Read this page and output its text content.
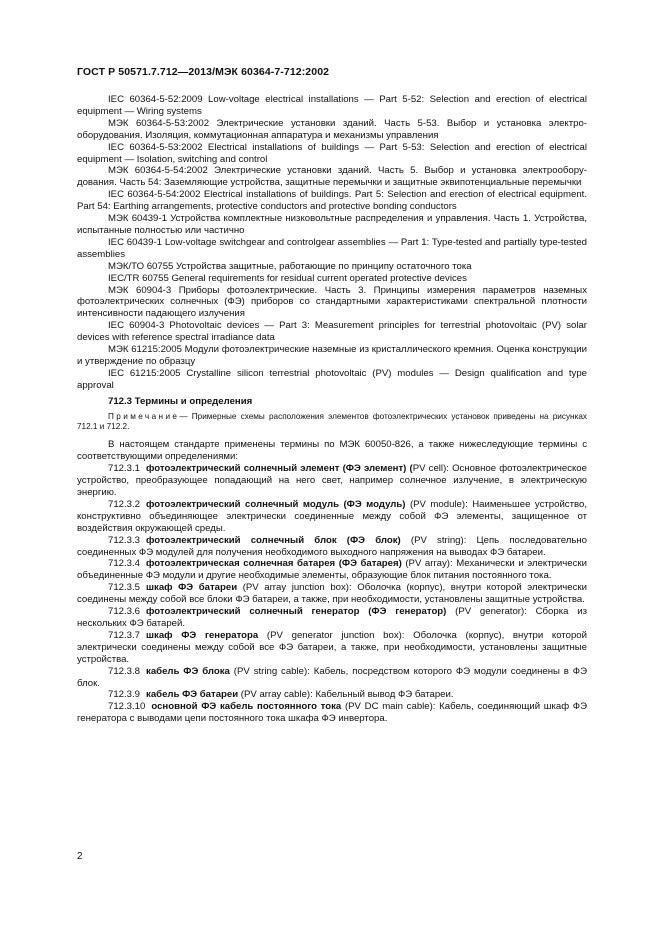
ГОСТ Р 50571.7.712—2013/МЭК 60364-7-712:2002

IEC 60364-5-52:2009 Low-voltage electrical installations — Part 5-52: Selection and erection of electrical equipment — Wiring systems

МЭК 60364-5-53:2002 Электрические установки зданий. Часть 5-53. Выбор и установка электрооборудования. Изоляция, коммутационная аппаратура и механизмы управления

IEC 60364-5-53:2002 Electrical installations of buildings — Part 5-53: Selection and erection of electrical equipment — Isolation, switching and control

МЭК 60364-5-54:2002 Электрические установки зданий. Часть 5. Выбор и установка электрооборудования. Часть 54: Заземляющие устройства, защитные перемычки и защитные эквипотенциальные перемычки

IEC 60364-5-54:2002 Electrical installations of buildings. Part 5: Selection and erection of electrical equipment. Part 54: Earthing arrangements, protective conductors and protective bonding conductors

МЭК 60439-1 Устройства комплектные низковольтные распределения и управления. Часть 1. Устройства, испытанные полностью или частично

IEC 60439-1 Low-voltage switchgear and controlgear assemblies — Part 1: Type-tested and partially type-tested assemblies

МЭК/ТО 60755 Устройства защитные, работающие по принципу остаточного тока

IEC/TR 60755 General requirements for residual current operated protective devices

МЭК 60904-3 Приборы фотоэлектрические. Часть 3. Принципы измерения параметров наземных фотоэлектрических солнечных (ФЭ) приборов со стандартными характеристиками спектральной плотности интенсивности падающего излучения

IEC 60904-3 Photovoltaic devices — Part 3: Measurement principles for terrestrial photovoltaic (PV) solar devices with reference spectral irradiance data

МЭК 61215:2005 Модули фотоэлектрические наземные из кристаллического кремния. Оценка конструкции и утверждение по образцу

IEC 61215:2005 Crystalline silicon terrestrial photovoltaic (PV) modules — Design qualification and type approval

712.3 Термины и определения

Примечание— Примерные схемы расположения элементов фотоэлектрических установок приведены на рисунках 712.1 и 712.2.

В настоящем стандарте применены термины по МЭК 60050-826, а также нижеследующие термины с соответствующими определениями:

712.3.1 фотоэлектрический солнечный элемент (ФЭ элемент) (PV cell): Основное фотоэлектрическое устройство, преобразующее попадающий на него свет, например солнечное излучение, в электрическую энергию.

712.3.2 фотоэлектрический солнечный модуль (ФЭ модуль) (PV module): Наименьшее устройство, конструктивно объединяющее электрически соединенные между собой ФЭ элементы, защищенное от воздействия окружающей среды.

712.3.3 фотоэлектрический солнечный блок (ФЭ блок) (PV string): Цепь последовательно соединенных ФЭ модулей для получения необходимого выходного напряжения на выводах ФЭ батареи.

712.3.4 фотоэлектрическая солнечная батарея (ФЭ батарея) (PV array): Механически и электрически объединенные ФЭ модули и другие необходимые элементы, образующие блок питания постоянного тока.

712.3.5 шкаф ФЭ батареи (PV array junction box): Оболочка (корпус), внутри которой электрически соединены между собой все блоки ФЭ батареи, а также, при необходимости, установлены защитные устройства.

712.3.6 фотоэлектрический солнечный генератор (ФЭ генератор) (PV generator): Сборка из нескольких ФЭ батарей.

712.3.7 шкаф ФЭ генератора (PV generator junction box): Оболочка (корпус), внутри которой электрически соединены между собой все ФЭ батареи, а также, при необходимости, установлены защитные устройства.

712.3.8 кабель ФЭ блока (PV string cable): Кабель, посредством которого ФЭ модули соединены в ФЭ блок.

712.3.9 кабель ФЭ батареи (PV array cable): Кабельный вывод ФЭ батареи.

712.3.10 основной ФЭ кабель постоянного тока (PV DC main cable): Кабель, соединяющий шкаф ФЭ генератора с выводами цепи постоянного тока шкафа ФЭ инвертора.

2
